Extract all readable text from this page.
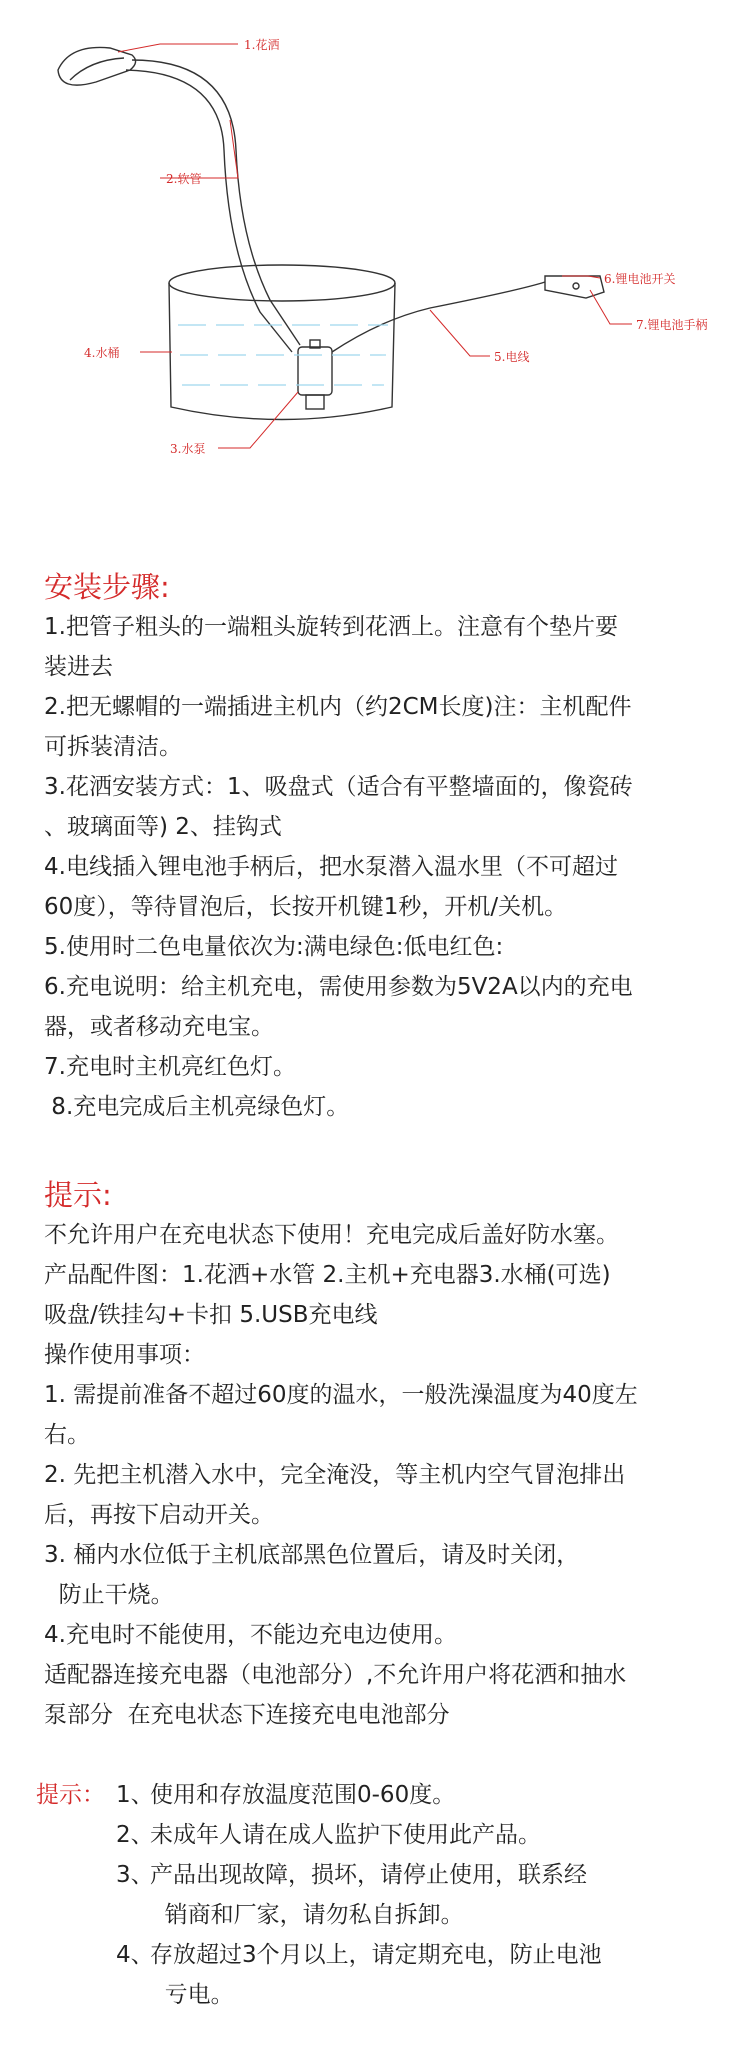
1.花洒
2.软管
4.水桶
3.水泵
5.电线
6.锂电池开关
7.锂电池手柄
安装步骤:

1.把管子粗头的一端粗头旋转到花洒上。注意有个垫片要

装进去

2.把无螺帽的一端插进主机内（约2CM长度)注：主机配件

可拆装清洁。

3.花洒安装方式：1、吸盘式（适合有平整墙面的，像瓷砖

、玻璃面等) 2、挂钩式

4.电线插入锂电池手柄后，把水泵潜入温水里（不可超过

60度），等待冒泡后，长按开机键1秒，开机/关机。

5.使用时二色电量依次为:满电绿色:低电红色:

6.充电说明：给主机充电，需使用参数为5V2A以内的充电

器，或者移动充电宝。

7.充电时主机亮红色灯。

8.充电完成后主机亮绿色灯。

提示:

不允许用户在充电状态下使用！充电完成后盖好防水塞。

产品配件图：1.花洒+水管 2.主机+充电器3.水桶(可选)

吸盘/铁挂勾+卡扣 5.USB充电线

操作使用事项：

1. 需提前准备不超过60度的温水，一般洗澡温度为40度左

右。

2. 先把主机潜入水中，完全淹没，等主机内空气冒泡排出

后，再按下启动开关。

3. 桶内水位低于主机底部黑色位置后，请及时关闭，

防止干烧。

4.充电时不能使用，不能边充电边使用。

适配器连接充电器（电池部分）,不允许用户将花洒和抽水

泵部分  在充电状态下连接充电电池部分

提示： 1、
使用和存放温度范围0-60度。
2、
未成年人请在成人监护下使用此产品。
3、
产品出现故障，损坏，请停止使用，联系经
销商和厂家，请勿私自拆卸。
4、
存放超过3个月以上，请定期充电，防止电池
亏电。
